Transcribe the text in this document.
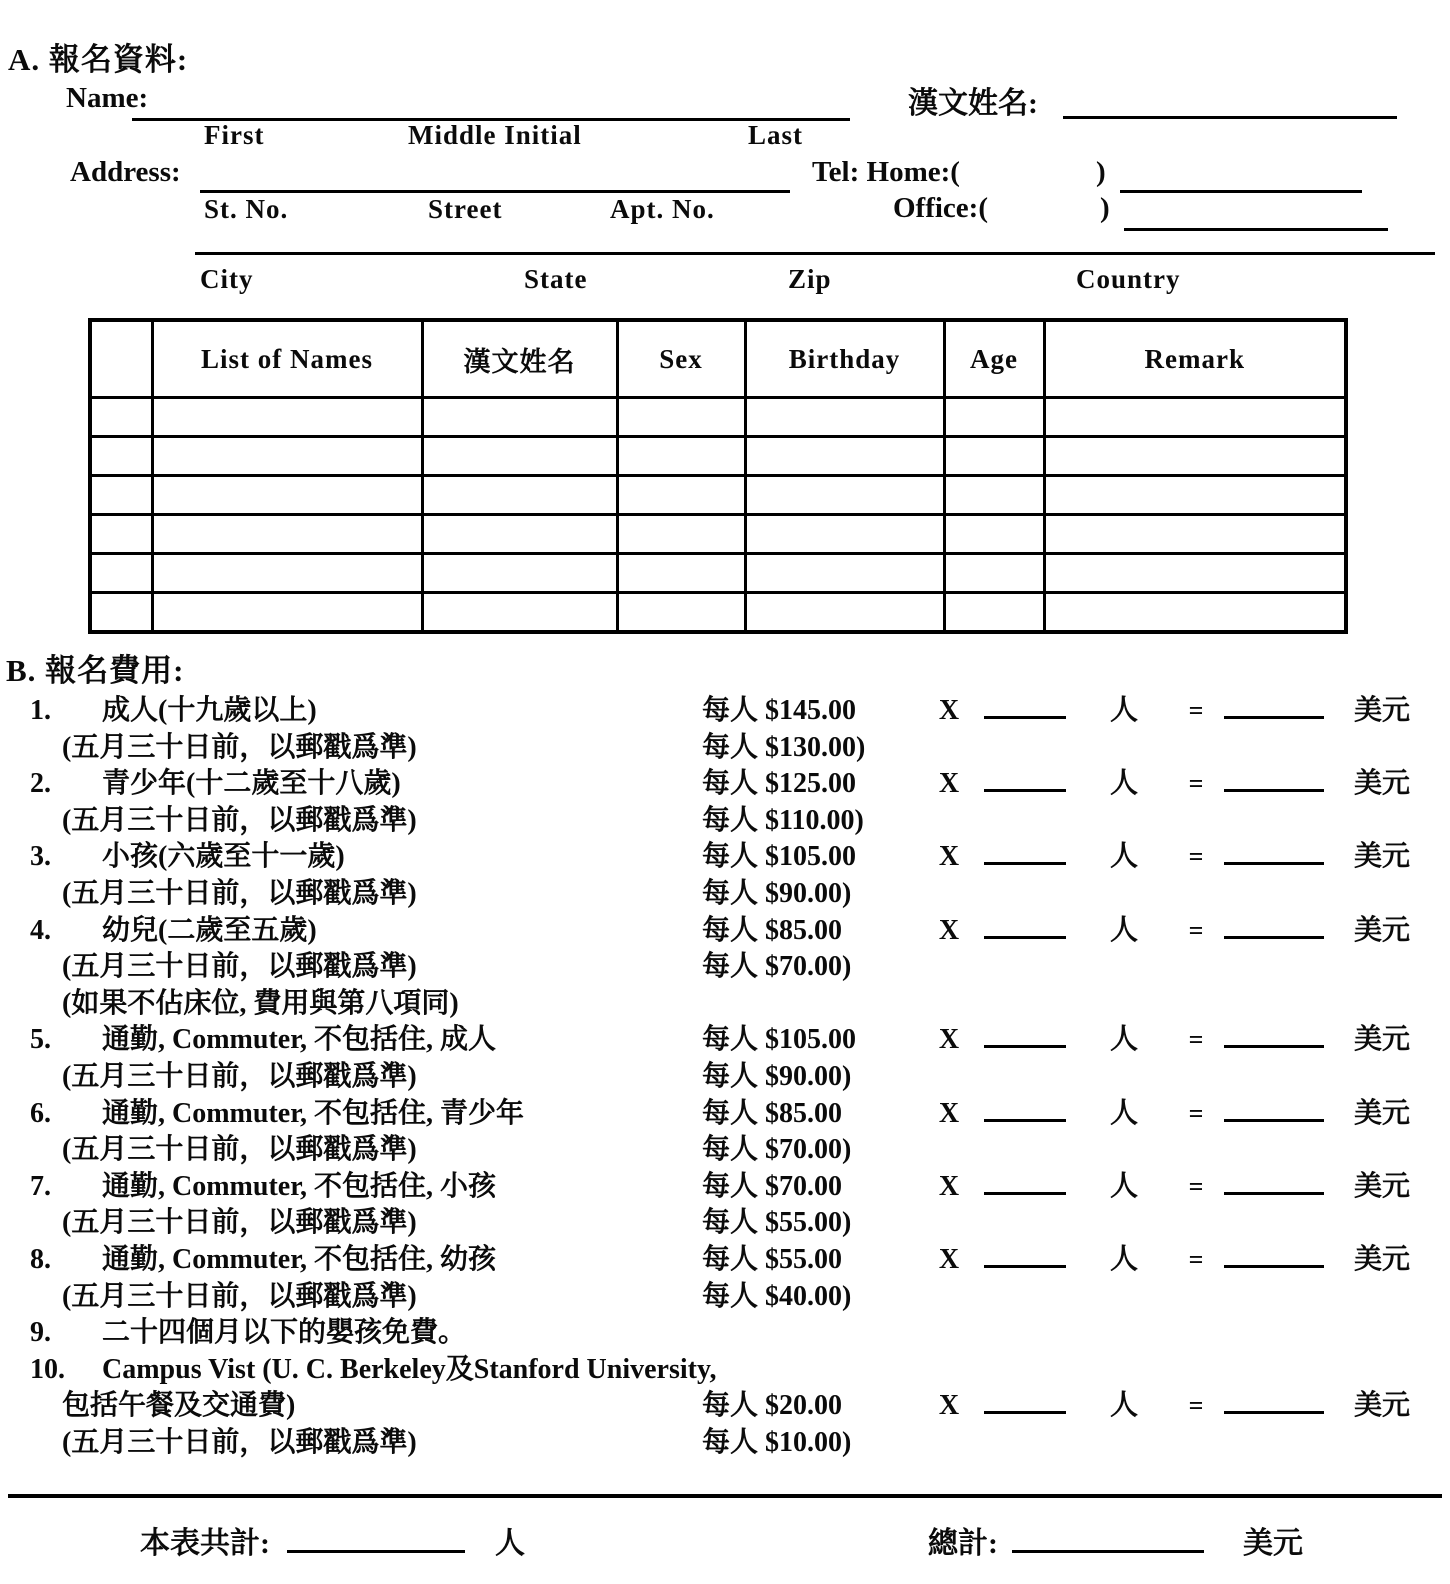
A. 報名資料:
Name:	漢文姓名:
First	Middle Initial	Last
Address:	Tel: Home:(	)
St. No.	Street	Apt. No.	Office:(	)
City	State	Zip	Country
	List of Names	漢文姓名	Sex	Birthday	Age	Remark

B. 報名費用:
1. 成人(十九歲以上)	每人 $145.00	X	人	=	美元
(五月三十日前，以郵戳爲準)	每人 $130.00)
2. 青少年(十二歲至十八歲)	每人 $125.00	X	人	=	美元
(五月三十日前，以郵戳爲準)	每人 $110.00)
3. 小孩(六歲至十一歲)	每人 $105.00	X	人	=	美元
(五月三十日前，以郵戳爲準)	每人 $90.00)
4. 幼兒(二歲至五歲)	每人 $85.00	X	人	=	美元
(五月三十日前，以郵戳爲準)	每人 $70.00)
(如果不佔床位, 費用與第八項同)
5. 通勤, Commuter, 不包括住, 成人	每人 $105.00	X	人	=	美元
(五月三十日前，以郵戳爲準)	每人 $90.00)
6. 通勤, Commuter, 不包括住, 青少年	每人 $85.00	X	人	=	美元
(五月三十日前，以郵戳爲準)	每人 $70.00)
7. 通勤, Commuter, 不包括住, 小孩	每人 $70.00	X	人	=	美元
(五月三十日前，以郵戳爲準)	每人 $55.00)
8. 通勤, Commuter, 不包括住, 幼孩	每人 $55.00	X	人	=	美元
(五月三十日前，以郵戳爲準)	每人 $40.00)
9. 二十四個月以下的嬰孩免費。
10. Campus Vist (U. C. Berkeley及Stanford University,
包括午餐及交通費)	每人 $20.00	X	人	=	美元
(五月三十日前，以郵戳爲準)	每人 $10.00)
本表共計:	人	總計:	美元
